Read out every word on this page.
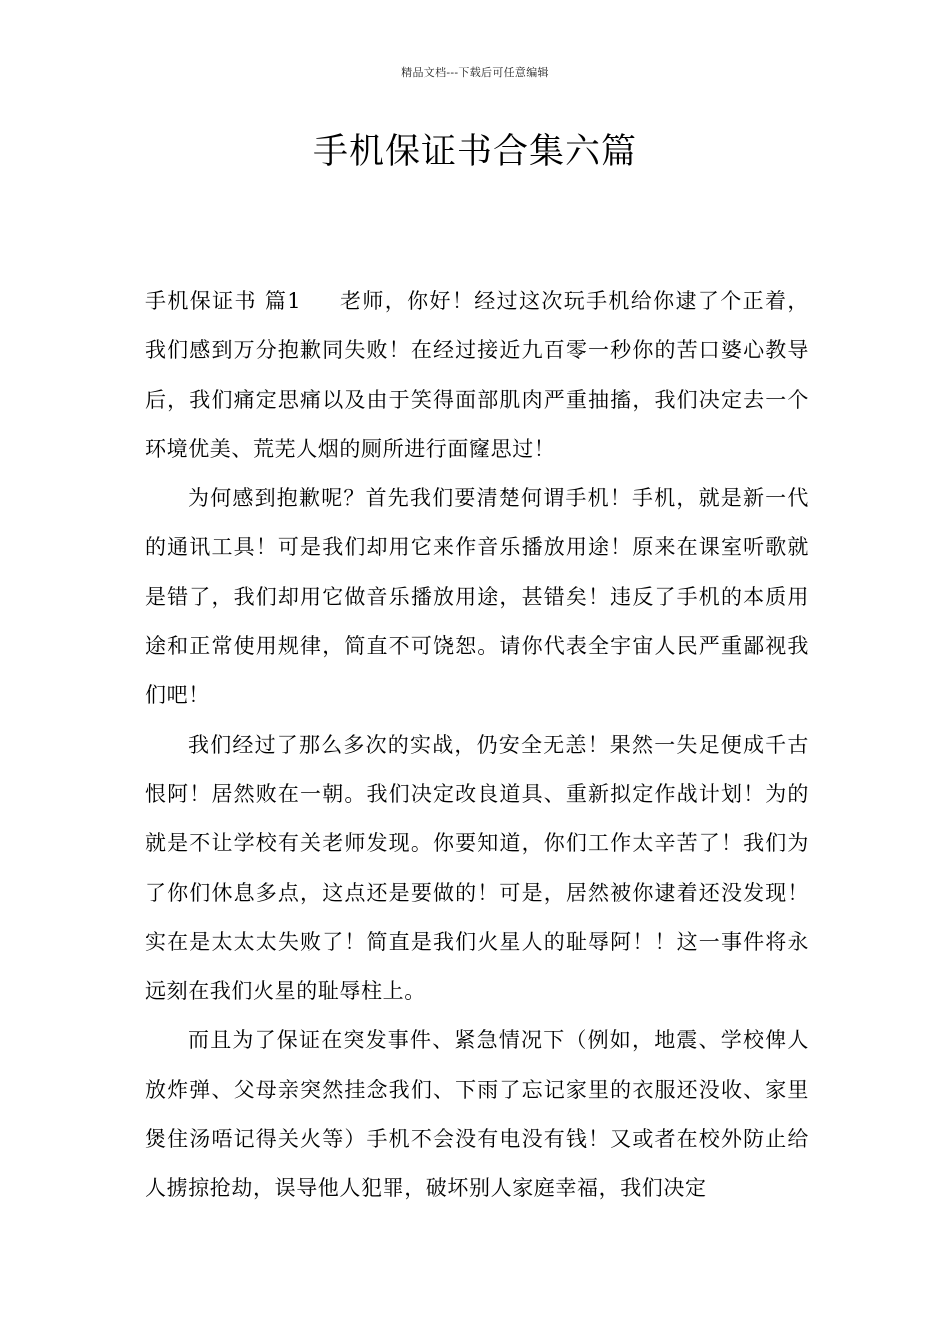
精品文档---下载后可任意编辑
手机保证书合集六篇

手机保证书 篇1 老师，你好！经过这次玩手机给你逮了个正着，我们感到万分抱歉同失败！在经过接近九百零一秒你的苦口婆心教导后，我们痛定思痛以及由于笑得面部肌肉严重抽搐，我们决定去一个环境优美、荒芜人烟的厕所进行面窿思过！

为何感到抱歉呢？首先我们要清楚何谓手机！手机，就是新一代的通讯工具！可是我们却用它来作音乐播放用途！原来在课室听歌就是错了，我们却用它做音乐播放用途，甚错矣！违反了手机的本质用途和正常使用规律，简直不可饶恕。请你代表全宇宙人民严重鄙视我们吧！

我们经过了那么多次的实战，仍安全无恙！果然一失足便成千古恨阿！居然败在一朝。我们决定改良道具、重新拟定作战计划！为的就是不让学校有关老师发现。你要知道，你们工作太辛苦了！我们为了你们休息多点，这点还是要做的！可是，居然被你逮着还没发现！实在是太太太失败了！简直是我们火星人的耻辱阿！！这一事件将永远刻在我们火星的耻辱柱上。

而且为了保证在突发事件、紧急情况下（例如，地震、学校俾人放炸弹、父母亲突然挂念我们、下雨了忘记家里的衣服还没收、家里煲住汤唔记得关火等）手机不会没有电没有钱！又或者在校外防止给人掳掠抢劫，误导他人犯罪，破坏别人家庭幸福，我们决定
